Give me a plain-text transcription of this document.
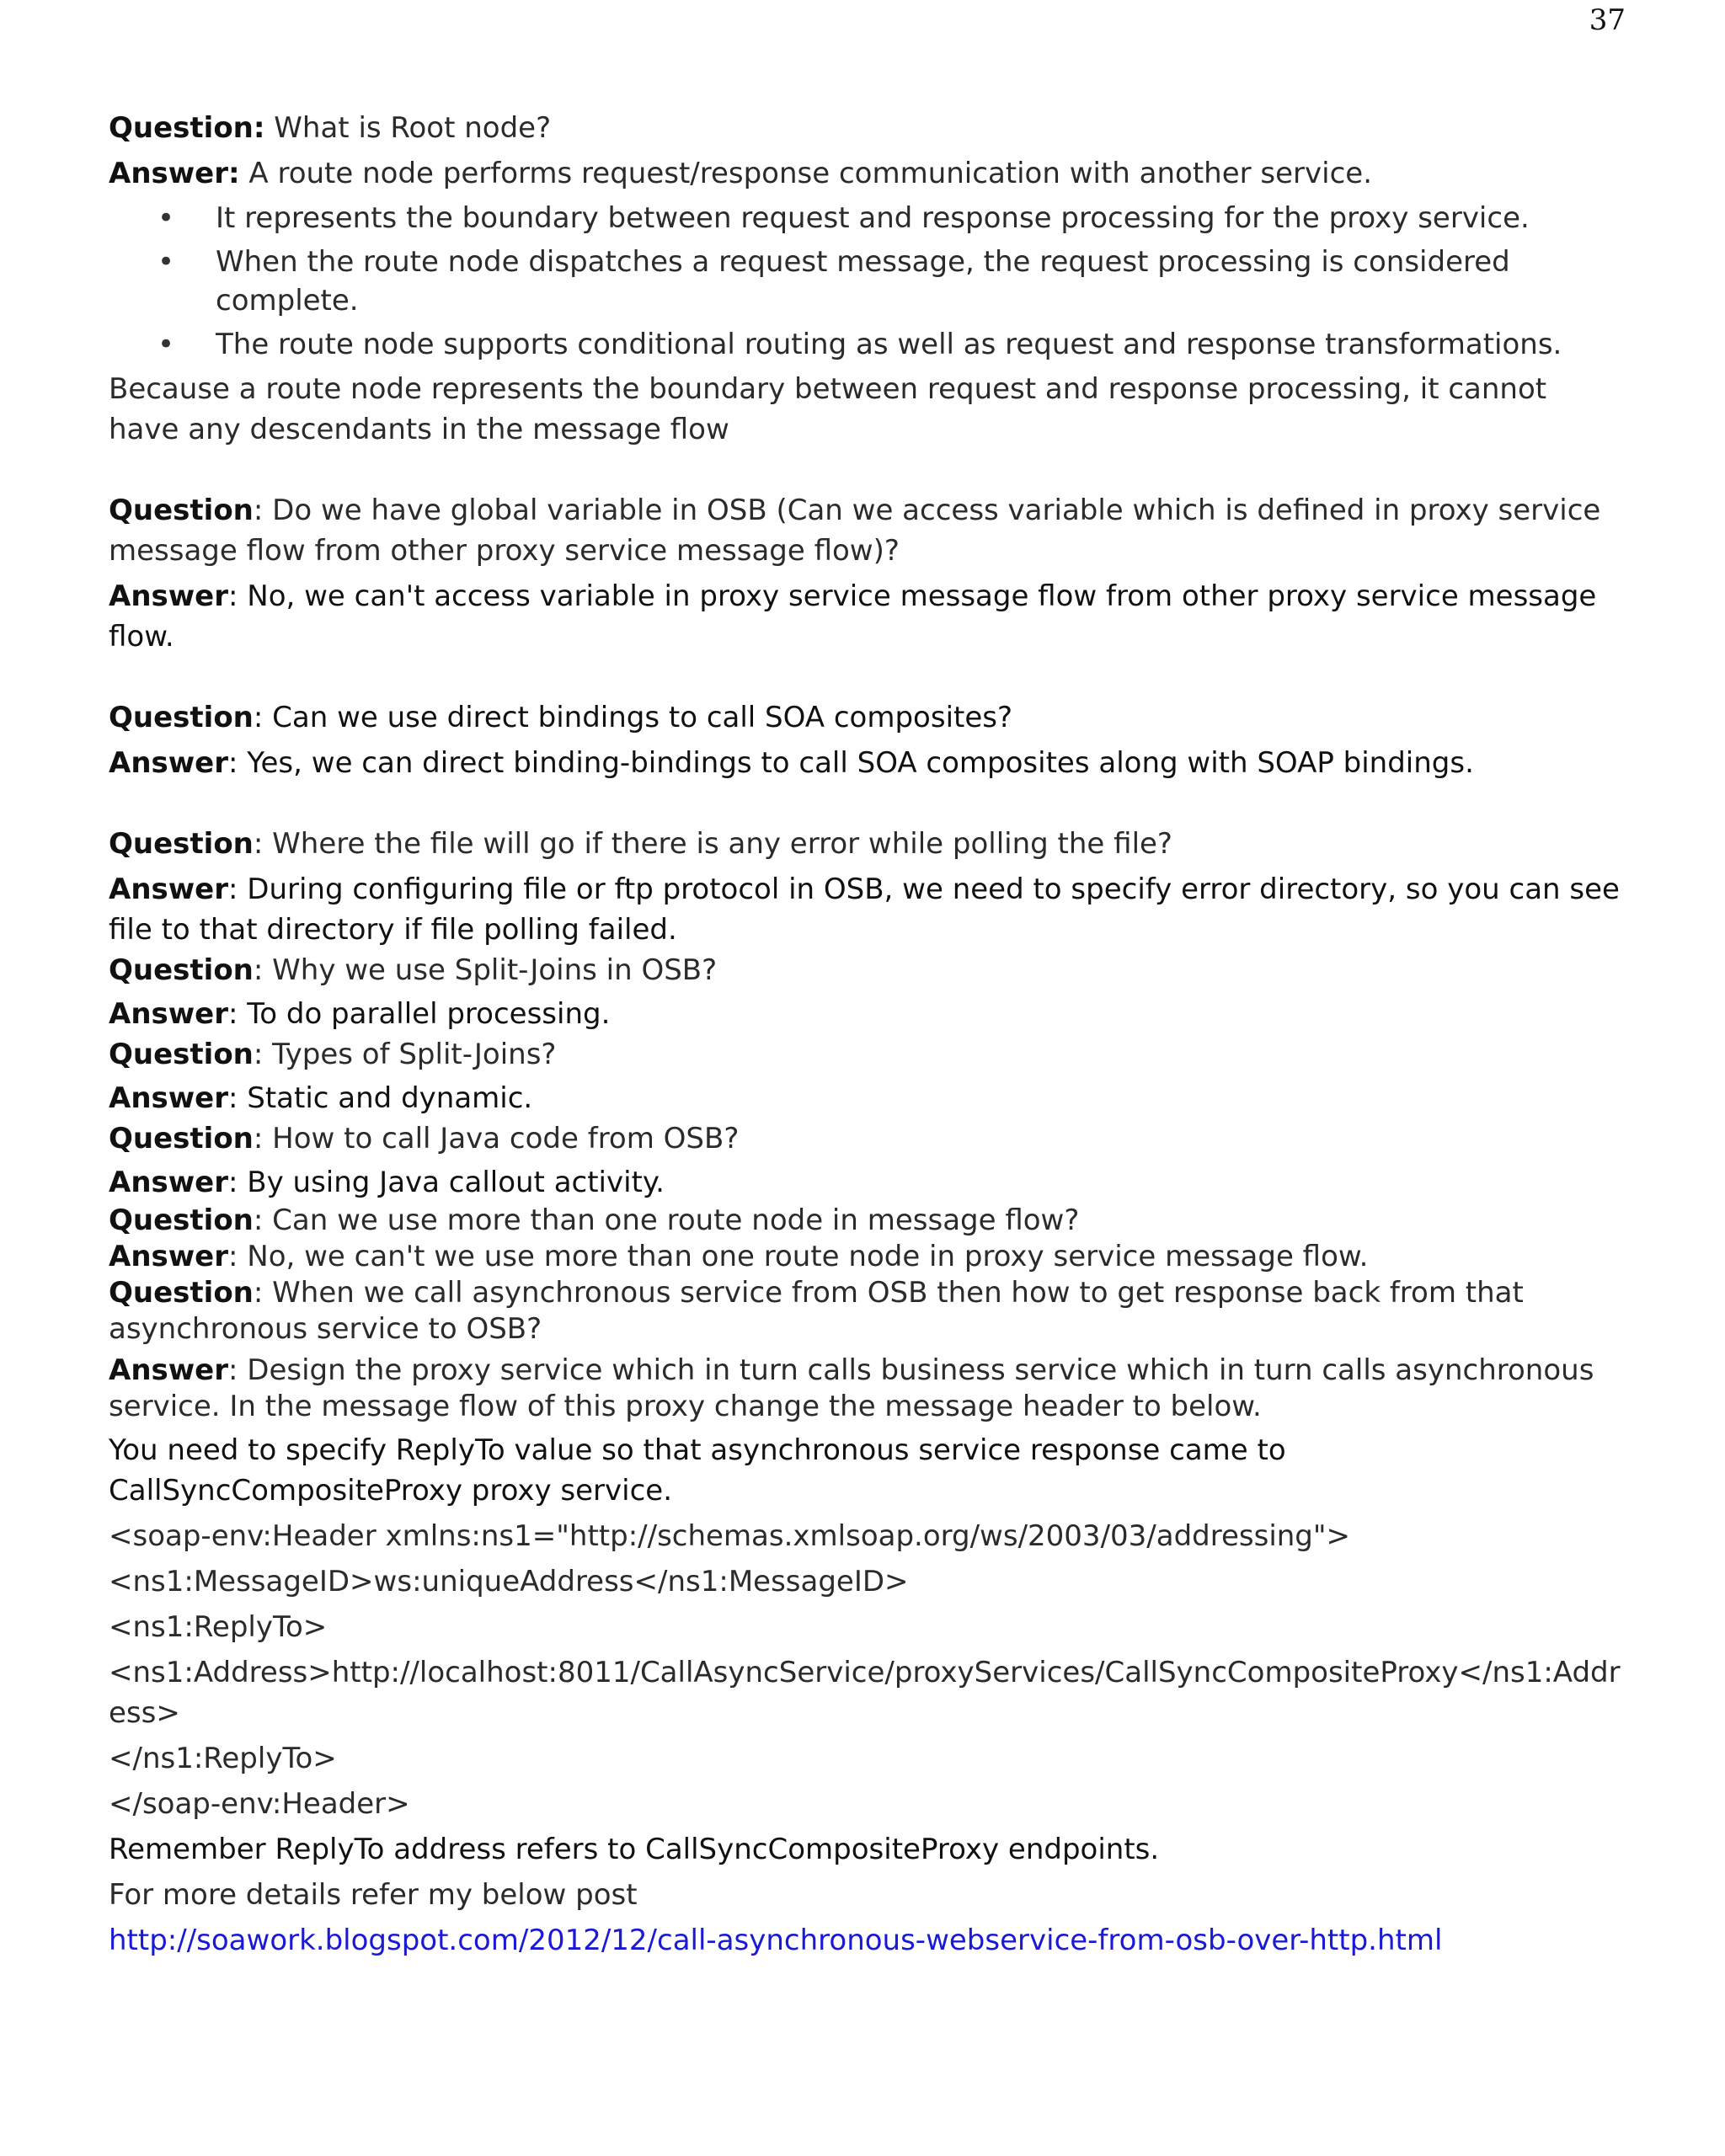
37

Question: What is Root node?

Answer: A route node performs request/response communication with another service.

• It represents the boundary between request and response processing for the proxy service.
• When the route node dispatches a request message, the request processing is considered complete.
• The route node supports conditional routing as well as request and response transformations.

Because a route node represents the boundary between request and response processing, it cannot have any descendants in the message flow

Question: Do we have global variable in OSB (Can we access variable which is defined in proxy service message flow from other proxy service message flow)?

Answer: No, we can't access variable in proxy service message flow from other proxy service message flow.

Question: Can we use direct bindings to call SOA composites?

Answer: Yes, we can direct binding-bindings to call SOA composites along with SOAP bindings.

Question: Where the file will go if there is any error while polling the file?

Answer: During configuring file or ftp protocol in OSB, we need to specify error directory, so you can see file to that directory if file polling failed.

Question: Why we use Split-Joins in OSB?

Answer: To do parallel processing.

Question: Types of Split-Joins?

Answer: Static and dynamic.

Question: How to call Java code from OSB?

Answer: By using Java callout activity.

Question: Can we use more than one route node in message flow?

Answer: No, we can't we use more than one route node in proxy service message flow.

Question: When we call asynchronous service from OSB then how to get response back from that asynchronous service to OSB?

Answer: Design the proxy service which in turn calls business service which in turn calls asynchronous service. In the message flow of this proxy change the message header to below.

You need to specify ReplyTo value so that asynchronous service response came to CallSyncCompositeProxy proxy service.

<soap-env:Header xmlns:ns1="http://schemas.xmlsoap.org/ws/2003/03/addressing">

<ns1:MessageID>ws:uniqueAddress</ns1:MessageID>

<ns1:ReplyTo>

<ns1:Address>http://localhost:8011/CallAsyncService/proxyServices/CallSyncCompositeProxy</ns1:Address>

</ns1:ReplyTo>

</soap-env:Header>

Remember ReplyTo address refers to CallSyncCompositeProxy endpoints.

For more details refer my below post

http://soawork.blogspot.com/2012/12/call-asynchronous-webservice-from-osb-over-http.html
